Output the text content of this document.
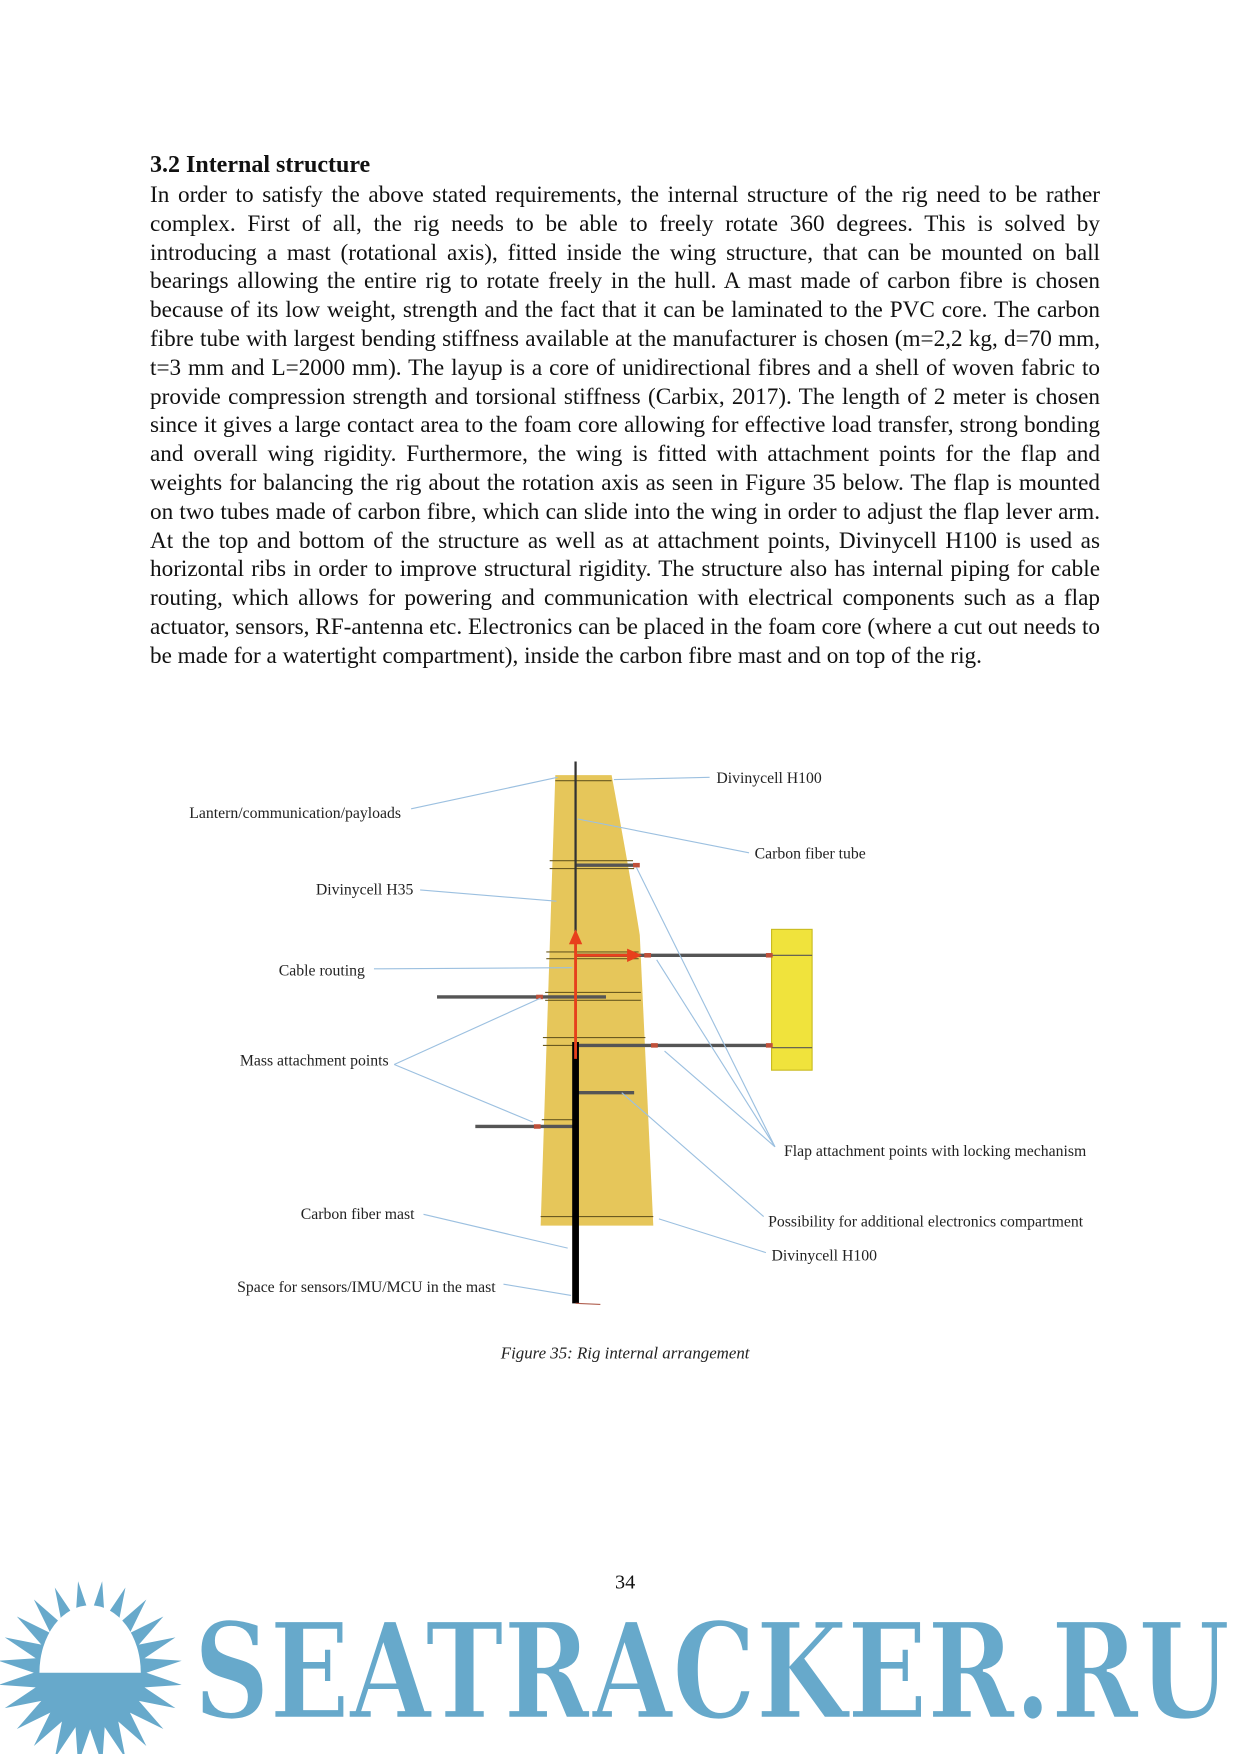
3.2 Internal structure

In order to satisfy the above stated requirements, the internal structure of the rig need to be rather complex. First of all, the rig needs to be able to freely rotate 360 degrees. This is solved by introducing a mast (rotational axis), fitted inside the wing structure, that can be mounted on ball bearings allowing the entire rig to rotate freely in the hull. A mast made of carbon fibre is chosen because of its low weight, strength and the fact that it can be laminated to the PVC core. The carbon fibre tube with largest bending stiffness available at the manufacturer is chosen (m=2,2 kg, d=70 mm, t=3 mm and L=2000 mm). The layup is a core of unidirectional fibres and a shell of woven fabric to provide compression strength and torsional stiffness (Carbix, 2017). The length of 2 meter is chosen since it gives a large contact area to the foam core allowing for effective load transfer, strong bonding and overall wing rigidity. Furthermore, the wing is fitted with attachment points for the flap and weights for balancing the rig about the rotation axis as seen in Figure 35 below. The flap is mounted on two tubes made of carbon fibre, which can slide into the wing in order to adjust the flap lever arm. At the top and bottom of the structure as well as at attachment points, Divinycell H100 is used as horizontal ribs in order to improve structural rigidity. The structure also has internal piping for cable routing, which allows for powering and communication with electrical components such as a flap actuator, sensors, RF-antenna etc. Electronics can be placed in the foam core (where a cut out needs to be made for a watertight compartment), inside the carbon fibre mast and on top of the rig.

Divinycell H100
Lantern/communication/payloads
Carbon fiber tube
Divinycell H35
Cable routing
Mass attachment points
Flap attachment points with locking mechanism
Possibility for additional electronics compartment
Carbon fiber mast
Divinycell H100
Space for sensors/IMU/MCU in the mast
Figure 35: Rig internal arrangement
SEATRACKER.RU
34
